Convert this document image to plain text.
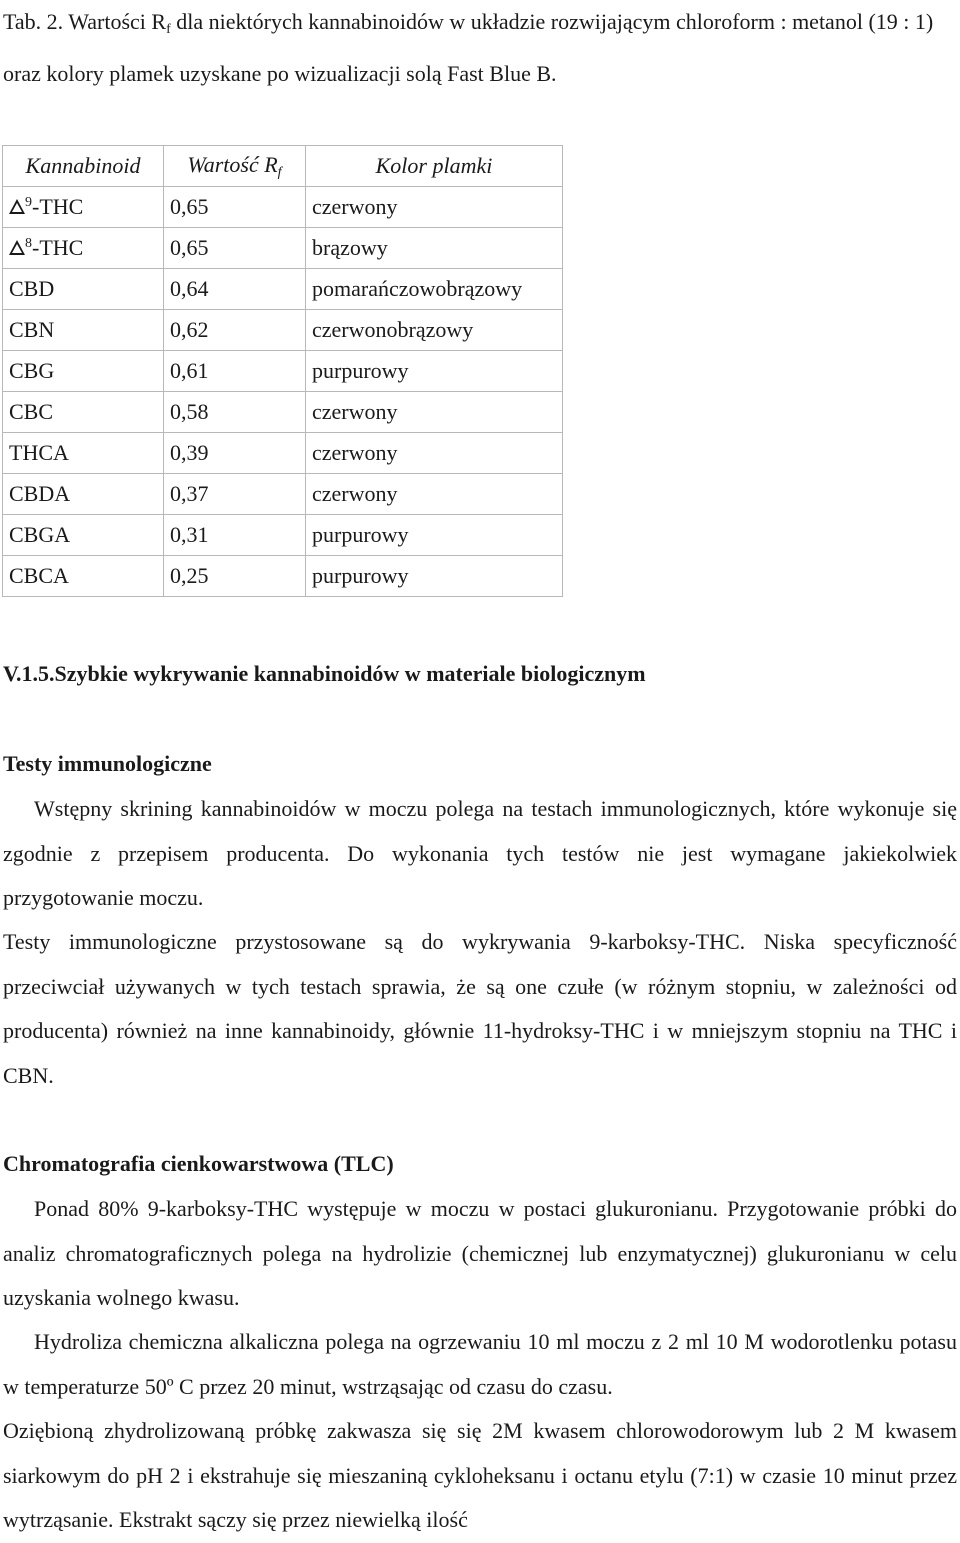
Tab. 2. Wartości $R_f$ dla niektórych kannabinoidów w układzie rozwijającym chloroform : metanol (19 : 1) oraz kolory plamek uzyskane po wizualizacji solą Fast Blue B.
Kannabinoid	Wartość $R_f$	Kolor plamki
$^9$-THC	0,65	czerwony
$^8$-THC	0,65	brązowy
CBD	0,64	pomarańczowobrązowy
CBN	0,62	czerwonobrązowy
CBG	0,61	purpurowy
CBC	0,58	czerwony
THCA	0,39	czerwony
CBDA	0,37	czerwony
CBGA	0,31	purpurowy
CBCA	0,25	purpurowy
V.1.5.Szybkie wykrywanie kannabinoidów w materiale biologicznym
Testy immunologiczne
Wstępny skrining kannabinoidów w moczu polega na testach immunologicznych, które wykonuje się zgodnie z przepisem producenta. Do wykonania tych testów nie jest wymagane jakiekolwiek przygotowanie moczu.
Testy immunologiczne przystosowane są do wykrywania 9-karboksy-THC. Niska specyficzność przeciwciał używanych w tych testach sprawia, że są one czułe (w różnym stopniu, w zależności od producenta) również na inne kannabinoidy, głównie 11-hydroksy-THC i w mniejszym stopniu na THC i CBN.
Chromatografia cienkowarstwowa (TLC)
Ponad 80% 9-karboksy-THC występuje w moczu w postaci glukuronianu. Przygotowanie próbki do analiz chromatograficznych polega na hydrolizie (chemicznej lub enzymatycznej) glukuronianu w celu uzyskania wolnego kwasu.
Hydroliza chemiczna alkaliczna polega na ogrzewaniu 10 ml moczu z 2 ml 10 M wodorotlenku potasu w temperaturze 50º C przez 20 minut, wstrząsając od czasu do czasu.
Oziębioną zhydrolizowaną próbkę zakwasza się się 2M kwasem chlorowodorowym lub 2 M kwasem siarkowym do pH 2 i ekstrahuje się mieszaniną cykloheksanu i octanu etylu (7:1) w czasie 10 minut przez wytrząsanie. Ekstrakt sączy się przez niewielką ilość
